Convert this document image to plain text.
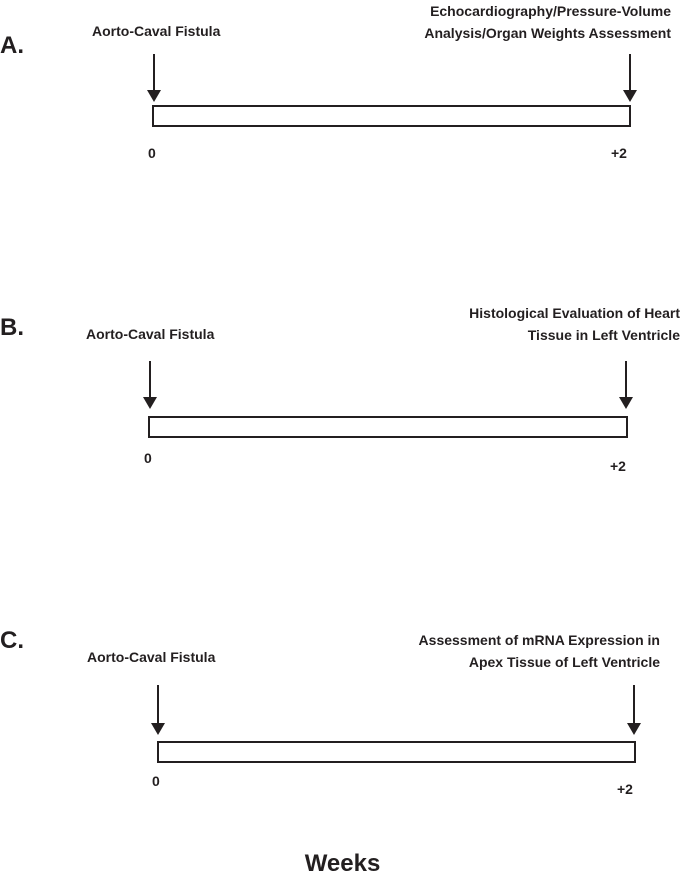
A.
Aorto-Caval Fistula
Echocardiography/Pressure-Volume
Analysis/Organ Weights Assessment
0	+2
B.	Aorto-Caval Fistula
Histological Evaluation of Heart
Tissue in Left Ventricle
0	+2
C.
Aorto-Caval Fistula
Assessment of mRNA Expression in
Apex Tissue of Left Ventricle
0	+2
Weeks
